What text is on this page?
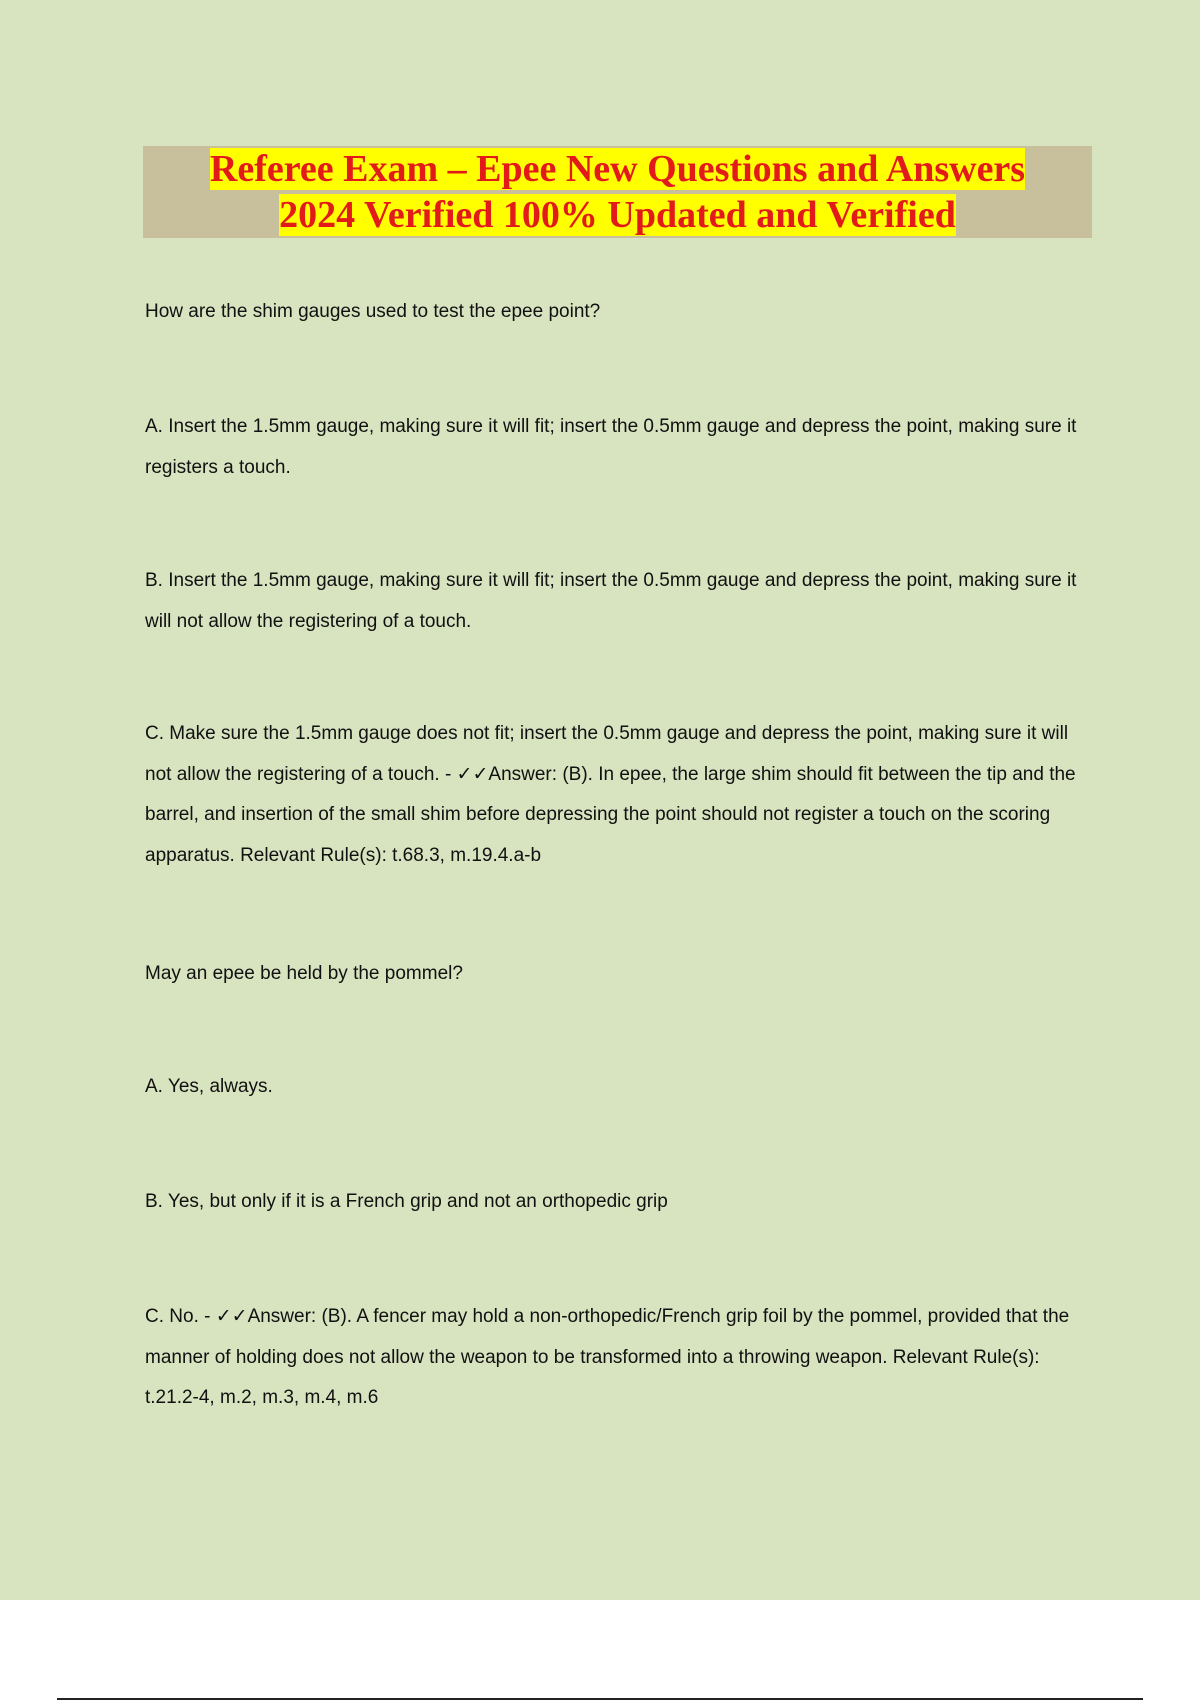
Referee Exam – Epee New Questions and Answers
2024 Verified 100% Updated and Verified

How are the shim gauges used to test the epee point?

A. Insert the 1.5mm gauge, making sure it will fit; insert the 0.5mm gauge and depress the point, making sure it registers a touch.

B. Insert the 1.5mm gauge, making sure it will fit; insert the 0.5mm gauge and depress the point, making sure it will not allow the registering of a touch.

C. Make sure the 1.5mm gauge does not fit; insert the 0.5mm gauge and depress the point, making sure it will not allow the registering of a touch. - ✓✓Answer: (B). In epee, the large shim should fit between the tip and the barrel, and insertion of the small shim before depressing the point should not register a touch on the scoring apparatus. Relevant Rule(s): t.68.3, m.19.4.a-b

May an epee be held by the pommel?

A. Yes, always.

B. Yes, but only if it is a French grip and not an orthopedic grip

C. No. - ✓✓Answer: (B). A fencer may hold a non-orthopedic/French grip foil by the pommel, provided that the manner of holding does not allow the weapon to be transformed into a throwing weapon. Relevant Rule(s): t.21.2-4, m.2, m.3, m.4, m.6
